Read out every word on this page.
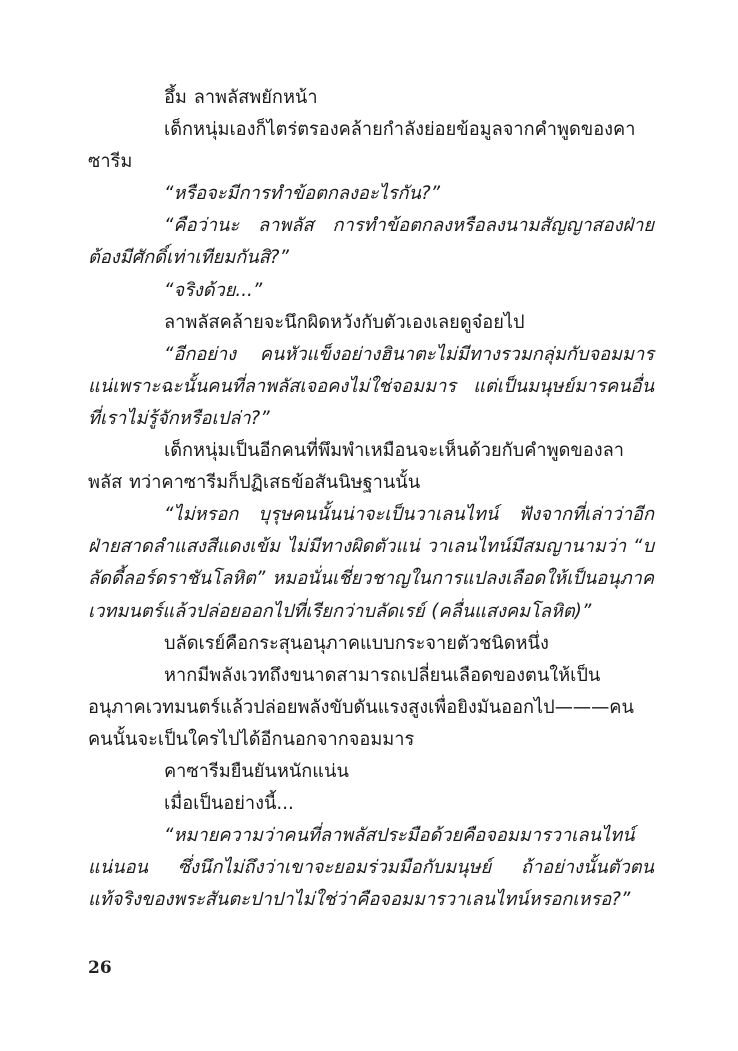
อึ้ม ลาพลัสพยักหน้า

เด็กหนุ่มเองก็ไตร่ตรองคล้ายกำลังย่อยข้อมูลจากคำพูดของคาซารีม

“หรือจะมีการทำข้อตกลงอะไรกัน?”

“คือว่านะ ลาพลัส การทำข้อตกลงหรือลงนามสัญญาสองฝ่ายต้องมีศักดิ์เท่าเทียมกันสิ?”

“จริงด้วย...”

ลาพลัสคล้ายจะนึกผิดหวังกับตัวเองเลยดูจ๋อยไป

“อีกอย่าง คนหัวแข็งอย่างฮินาตะไม่มีทางรวมกลุ่มกับจอมมารแน่เพราะฉะนั้นคนที่ลาพลัสเจอคงไม่ใช่จอมมาร แต่เป็นมนุษย์มารคนอื่นที่เราไม่รู้จักหรือเปล่า?”

เด็กหนุ่มเป็นอีกคนที่พึมพำเหมือนจะเห็นด้วยกับคำพูดของลาพลัส ทว่าคาซารีมก็ปฏิเสธข้อสันนิษฐานนั้น

“ไม่หรอก บุรุษคนนั้นน่าจะเป็นวาเลนไทน์ ฟังจากที่เล่าว่าอีกฝ่ายสาดลำแสงสีแดงเข้ม ไม่มีทางผิดตัวแน่ วาเลนไทน์มีสมญานามว่า “บลัดดี้ลอร์ดราชันโลหิต” หมอนั่นเชี่ยวชาญในการแปลงเลือดให้เป็นอนุภาคเวทมนตร์แล้วปล่อยออกไปที่เรียกว่าบลัดเรย์ (คลื่นแสงคมโลหิต)”

บลัดเรย์คือกระสุนอนุภาคแบบกระจายตัวชนิดหนึ่ง

หากมีพลังเวทถึงขนาดสามารถเปลี่ยนเลือดของตนให้เป็นอนุภาคเวทมนตร์แล้วปล่อยพลังขับดันแรงสูงเพื่อยิงมันออกไป———คนคนนั้นจะเป็นใครไปได้อีกนอกจากจอมมาร

คาซารีมยืนยันหนักแน่น

เมื่อเป็นอย่างนี้...

“หมายความว่าคนที่ลาพลัสประมือด้วยคือจอมมารวาเลนไทน์แน่นอน ซึ่งนึกไม่ถึงว่าเขาจะยอมร่วมมือกับมนุษย์ ถ้าอย่างนั้นตัวตนแท้จริงของพระสันตะปาปาไม่ใช่ว่าคือจอมมารวาเลนไทน์หรอกเหรอ?”

26
